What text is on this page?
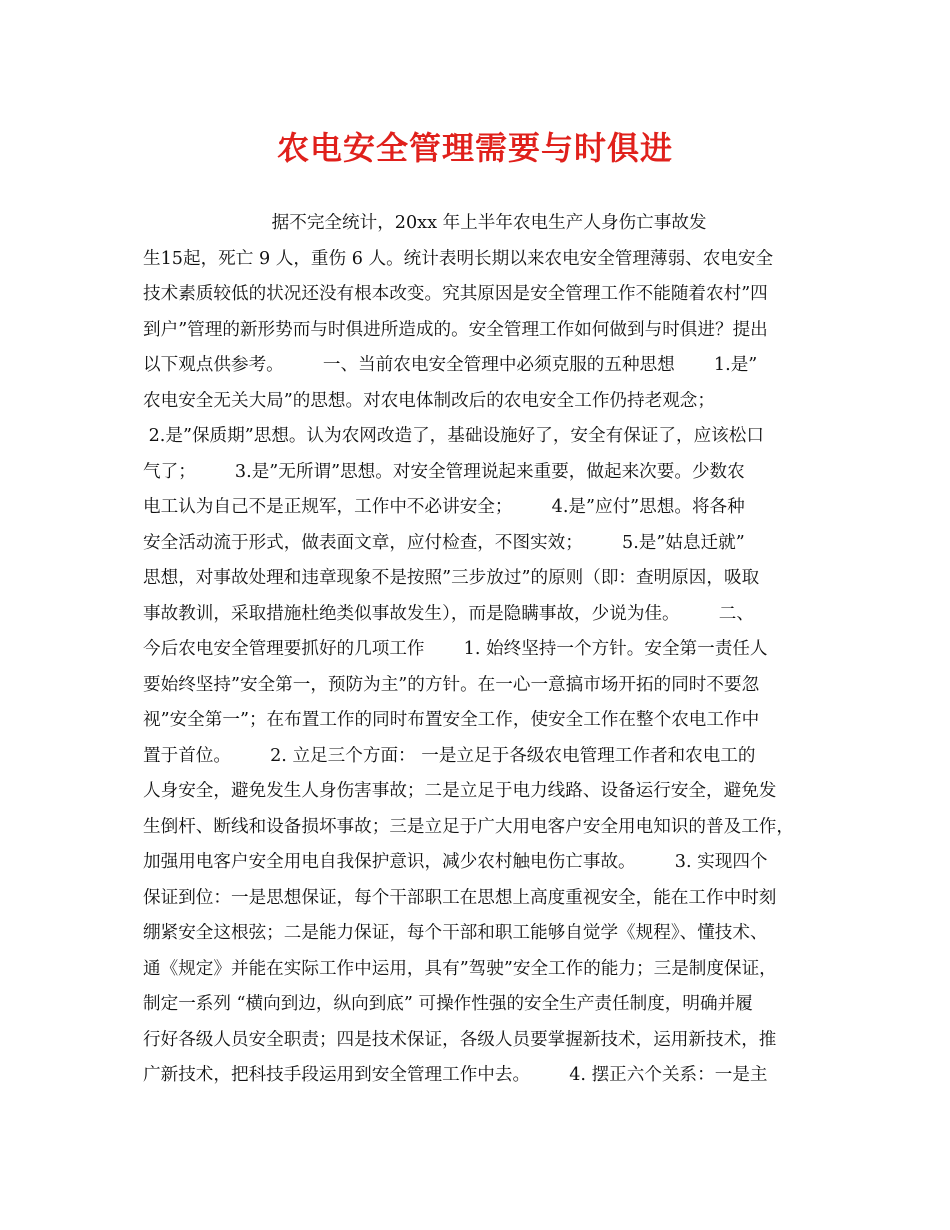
农电安全管理需要与时俱进
据不完全统计，20xx 年上半年农电生产人身伤亡事故发
生15起，死亡 9 人，重伤 6 人。统计表明长期以来农电安全管理薄弱、农电安全
技术素质较低的状况还没有根本改变。究其原因是安全管理工作不能随着农村”四
到户”管理的新形势而与时俱进所造成的。安全管理工作如何做到与时俱进？提出
以下观点供参考。       一、当前农电安全管理中必须克服的五种思想       1.是”
农电安全无关大局”的思想。对农电体制改后的农电安全工作仍持老观念；
2.是”保质期”思想。认为农网改造了，基础设施好了，安全有保证了，应该松口
气了；       3.是”无所谓”思想。对安全管理说起来重要，做起来次要。少数农
电工认为自己不是正规军，工作中不必讲安全；       4.是”应付”思想。将各种
安全活动流于形式，做表面文章，应付检查，不图实效；       5.是”姑息迁就”
思想，对事故处理和违章现象不是按照”三步放过”的原则（即：查明原因，吸取
事故教训，采取措施杜绝类似事故发生），而是隐瞒事故，少说为佳。       二、
今后农电安全管理要抓好的几项工作       1. 始终坚持一个方针。安全第一责任人
要始终坚持”安全第一，预防为主”的方针。在一心一意搞市场开拓的同时不要忽
视”安全第一”；在布置工作的同时布置安全工作，使安全工作在整个农电工作中
置于首位。       2. 立足三个方面： 一是立足于各级农电管理工作者和农电工的
人身安全，避免发生人身伤害事故；二是立足于电力线路、设备运行安全，避免发
生倒杆、断线和设备损坏事故；三是立足于广大用电客户安全用电知识的普及工作，
加强用电客户安全用电自我保护意识，减少农村触电伤亡事故。       3. 实现四个
保证到位：一是思想保证，每个干部职工在思想上高度重视安全，能在工作中时刻
绷紧安全这根弦；二是能力保证，每个干部和职工能够自觉学《规程》、懂技术、
通《规定》并能在实际工作中运用，具有”驾驶”安全工作的能力；三是制度保证，
制定一系列 “横向到边，纵向到底” 可操作性强的安全生产责任制度，明确并履
行好各级人员安全职责；四是技术保证，各级人员要掌握新技术，运用新技术，推
广新技术，把科技手段运用到安全管理工作中去。       4. 摆正六个关系：一是主
